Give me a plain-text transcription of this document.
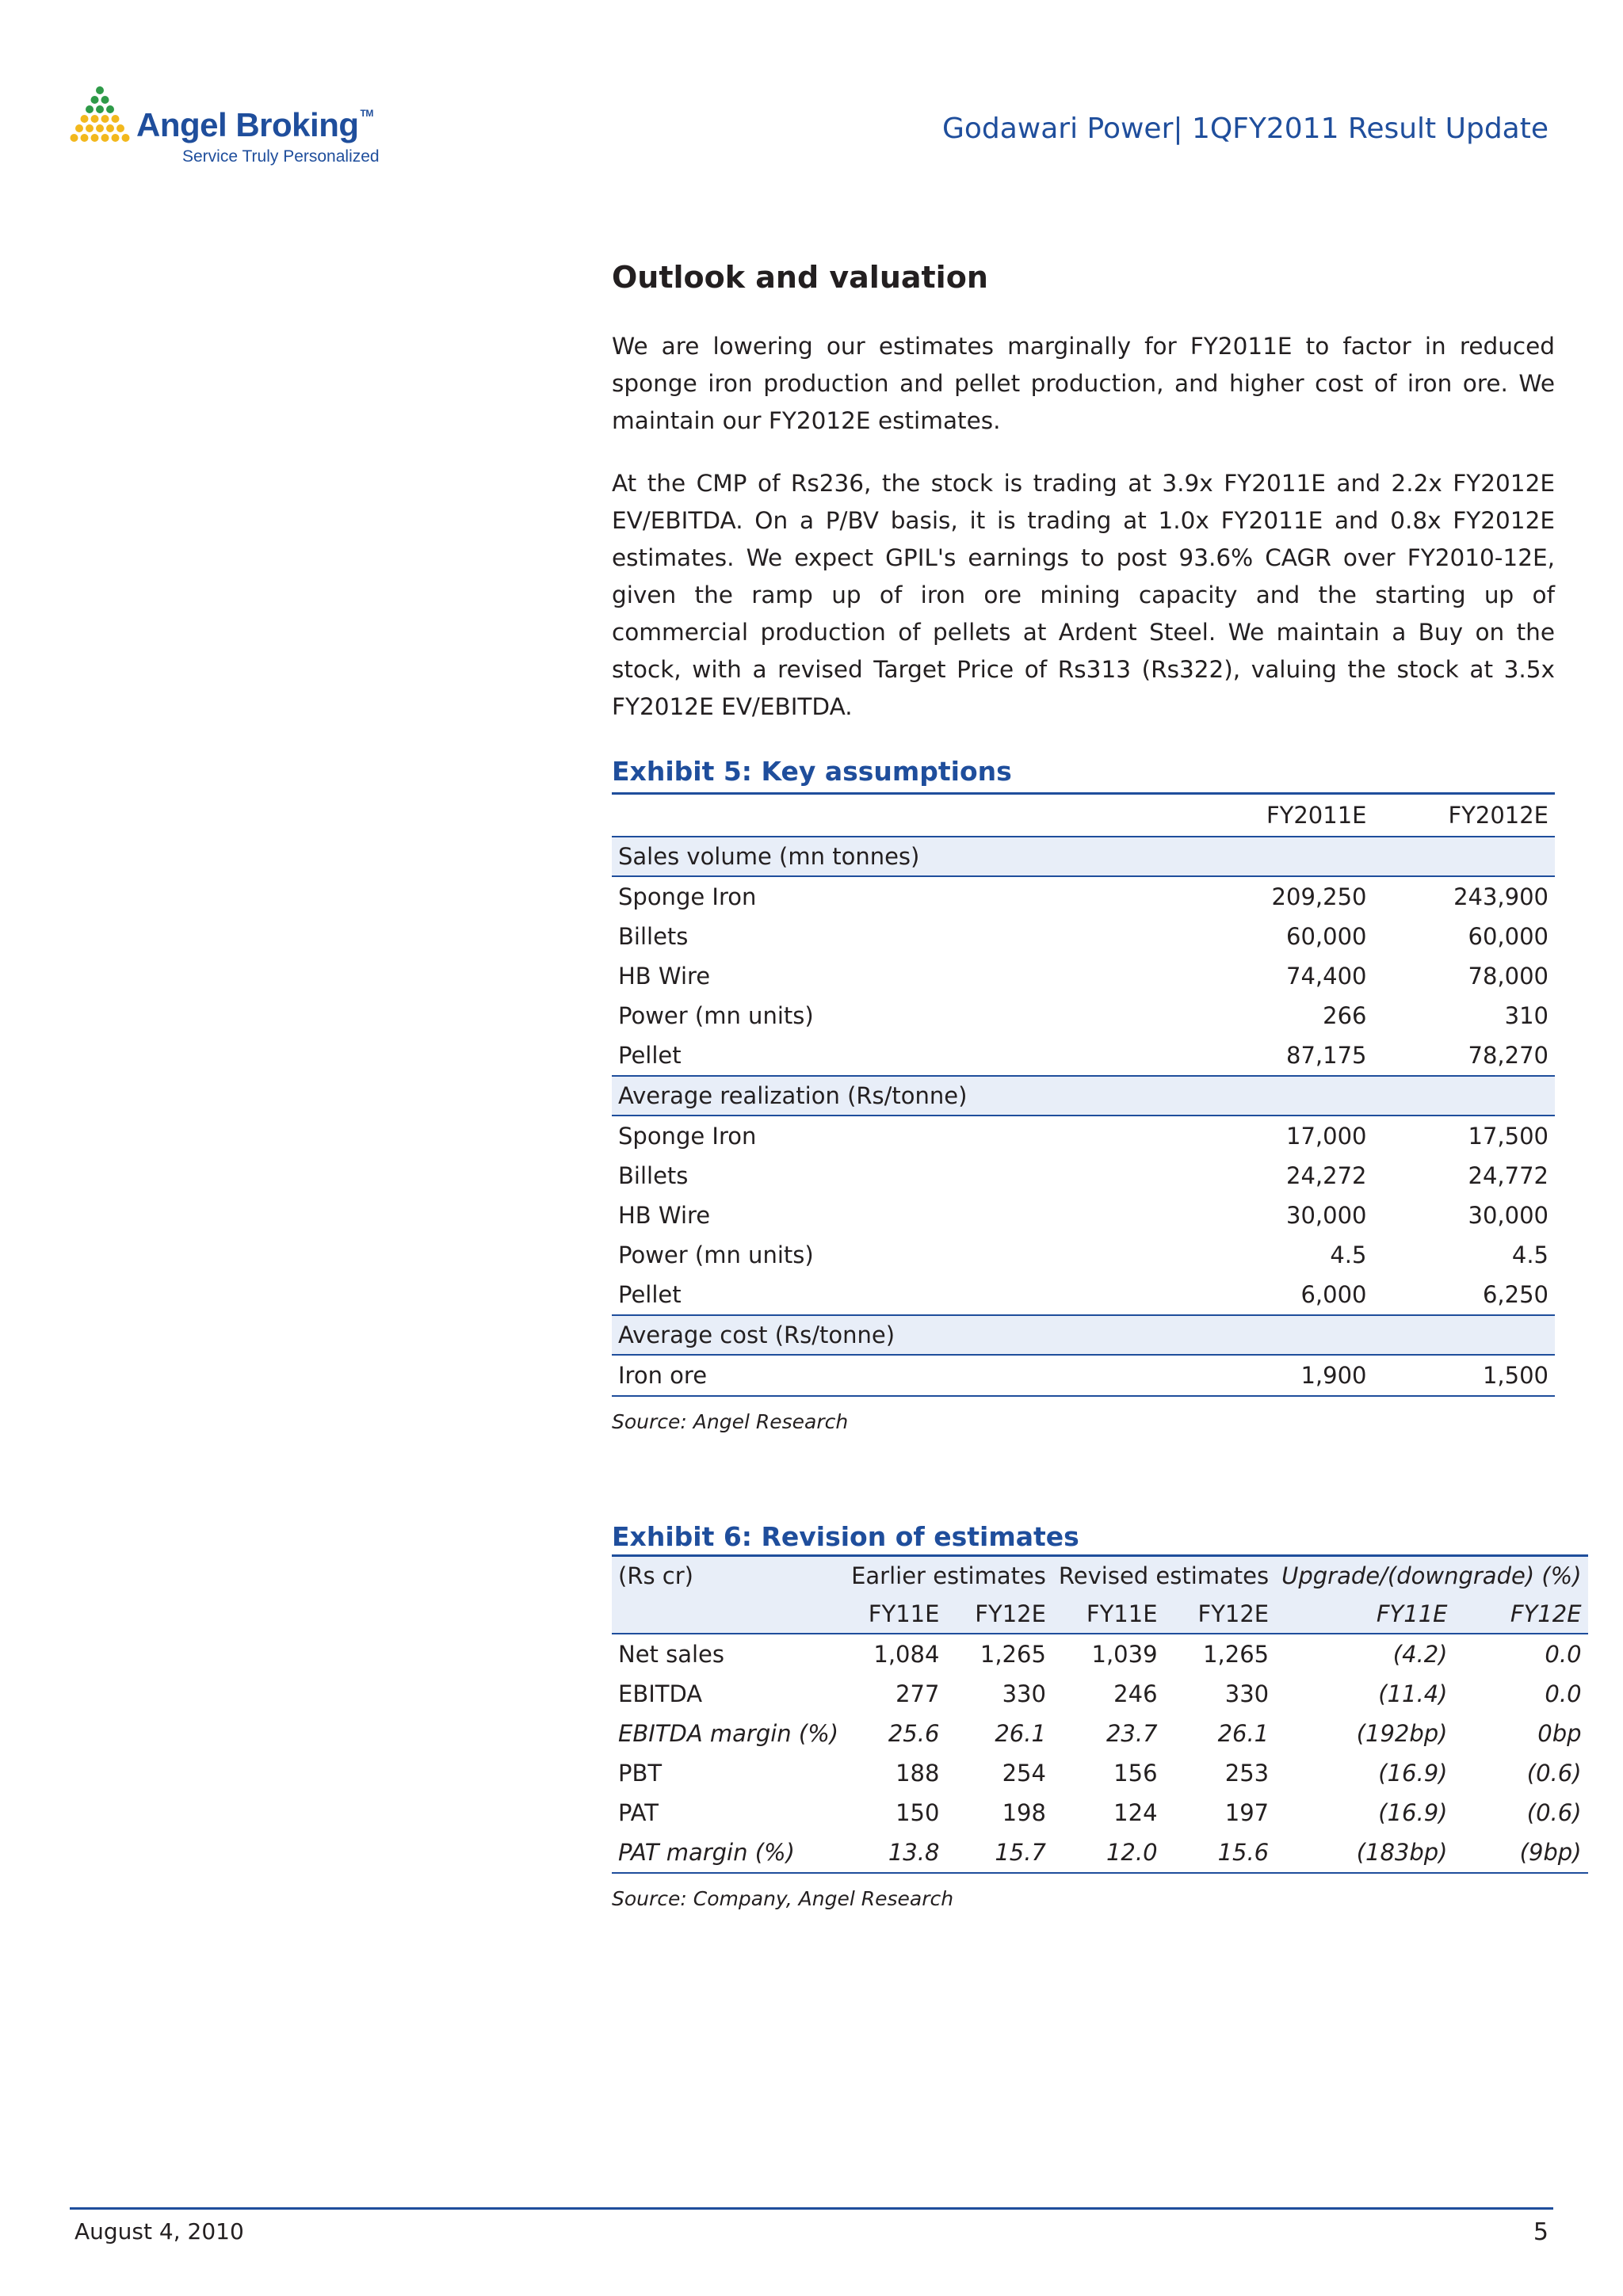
Angel Broking ™
Service Truly Personalized
Godawari Power| 1QFY2011 Result Update
Outlook and valuation

We are lowering our estimates marginally for FY2011E to factor in reduced sponge iron production and pellet production, and higher cost of iron ore. We maintain our FY2012E estimates.

At the CMP of Rs236, the stock is trading at 3.9x FY2011E and 2.2x FY2012E EV/EBITDA. On a P/BV basis, it is trading at 1.0x FY2011E and 0.8x FY2012E estimates. We expect GPIL's earnings to post 93.6% CAGR over FY2010-12E, given the ramp up of iron ore mining capacity and the starting up of commercial production of pellets at Ardent Steel. We maintain a Buy on the stock, with a revised Target Price of Rs313 (Rs322), valuing the stock at 3.5x FY2012E EV/EBITDA.

Exhibit 5: Key assumptions
	FY2011E	FY2012E
Sales volume (mn tonnes)		
Sponge Iron	209,250	243,900
Billets	60,000	60,000
HB Wire	74,400	78,000
Power (mn units)	266	310
Pellet	87,175	78,270
Average realization (Rs/tonne)		
Sponge Iron	17,000	17,500
Billets	24,272	24,772
HB Wire	30,000	30,000
Power (mn units)	4.5	4.5
Pellet	6,000	6,250
Average cost (Rs/tonne)		
Iron ore	1,900	1,500
Source: Angel Research
Exhibit 6: Revision of estimates
(Rs cr)	Earlier estimates		Revised estimates		Upgrade/(downgrade) (%)	
	FY11E	FY12E	FY11E	FY12E	FY11E	FY12E
Net sales	1,084	1,265	1,039	1,265	(4.2)	0.0
EBITDA	277	330	246	330	(11.4)	0.0
EBITDA margin (%)	25.6	26.1	23.7	26.1	(192bp)	0bp
PBT	188	254	156	253	(16.9)	(0.6)
PAT	150	198	124	197	(16.9)	(0.6)
PAT margin (%)	13.8	15.7	12.0	15.6	(183bp)	(9bp)
Source: Company, Angel Research
August 4, 2010	5
